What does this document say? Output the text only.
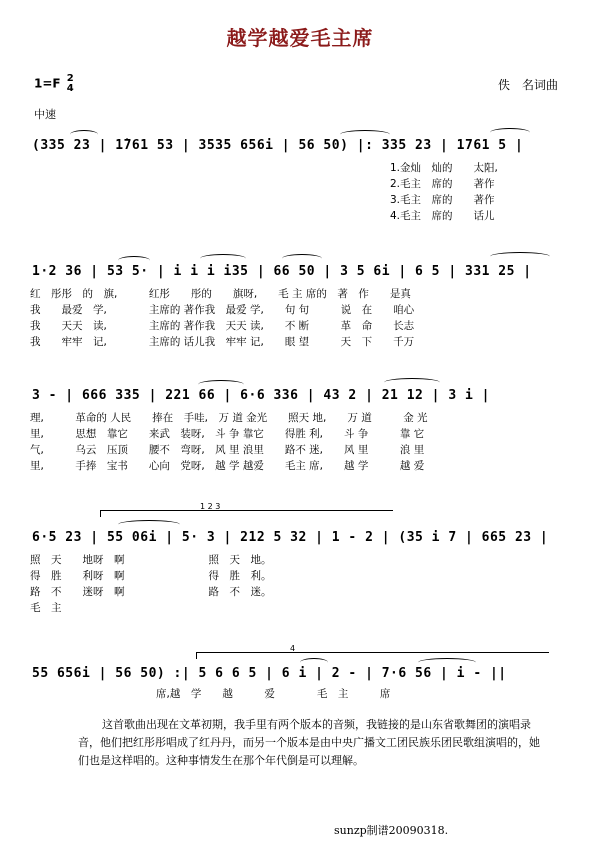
越学越爱毛主席
1=F 2
4	佚　名词曲
中速
(335 23 | 1̇761 53 | 3535 656i | 56 50) |: 335 23 | 1761 5 |
1.金灿　灿的　　太阳,
2.毛主　席的　　著作
3.毛主　席的　　著作
4.毛主　席的　　话儿
1·2 36 | 53 5· | i i i i35 | 66 50 | 3 5 6i | 6 5 | 331 25 |
红　彤彤　的　旗,　　　红彤　　彤的　　旗呀,　　毛 主 席的　著　作　　是真
我　　最爱　学,　　　　主席的 著作我　最爱 学,　　句 句　　　说　在　　咱心
我　　天天　读,　　　　主席的 著作我　天天 读,　　不 断　　　革　命　　长志
我　　牢牢　记,　　　　主席的 话儿我　牢牢 记,　　眼 望　　　天　下　　千万
3 - | 666 335 | 221 66 | 6·6 336 | 43 2 | 21 12 | 3 i |
理,　　　革命的 人民　　捧在　手哇,　万 道 金光　　照天 地,　　万 道　　　金 光
里,　　　思想　靠它　　来武　装呀,　斗 争 靠它　　得胜 利,　　斗 争　　　靠 它
气,　　　乌云　压顶　　腰不　弯呀,　风 里 浪里　　路不 迷,　　风 里　　　浪 里
里,　　　手捧　宝书　　心向　党呀,　越 学 越爱　　毛主 席,　　越 学　　　越 爱
1 2 3
6·5 23 | 55 06i | 5· 3 | 212 5 32 | 1 - 2 | (35 i 7 | 665 23 |
照　天　　地呀　啊　　　　　　　　照　天　地。
得　胜　　利呀　啊　　　　　　　　得　胜　利。
路　不　　迷呀　啊　　　　　　　　路　不　迷。
毛　主
4
55 656i | 56 50) :| 5 6 6 5 | 6 i | 2 - | 7·6 56 | i - ||
　　　　　　　　　　　　席,越　学　　越　　　爱　　　　毛　主　　　席
这首歌曲出现在文革初期，我手里有两个版本的音频，我链接的是山东省歌舞团的演唱录音，他们把红彤彤唱成了红丹丹，而另一个版本是由中央广播文工团民族乐团民歌组演唱的，她们也是这样唱的。这种事情发生在那个年代倒是可以理解。
sunzp制谱20090318.
